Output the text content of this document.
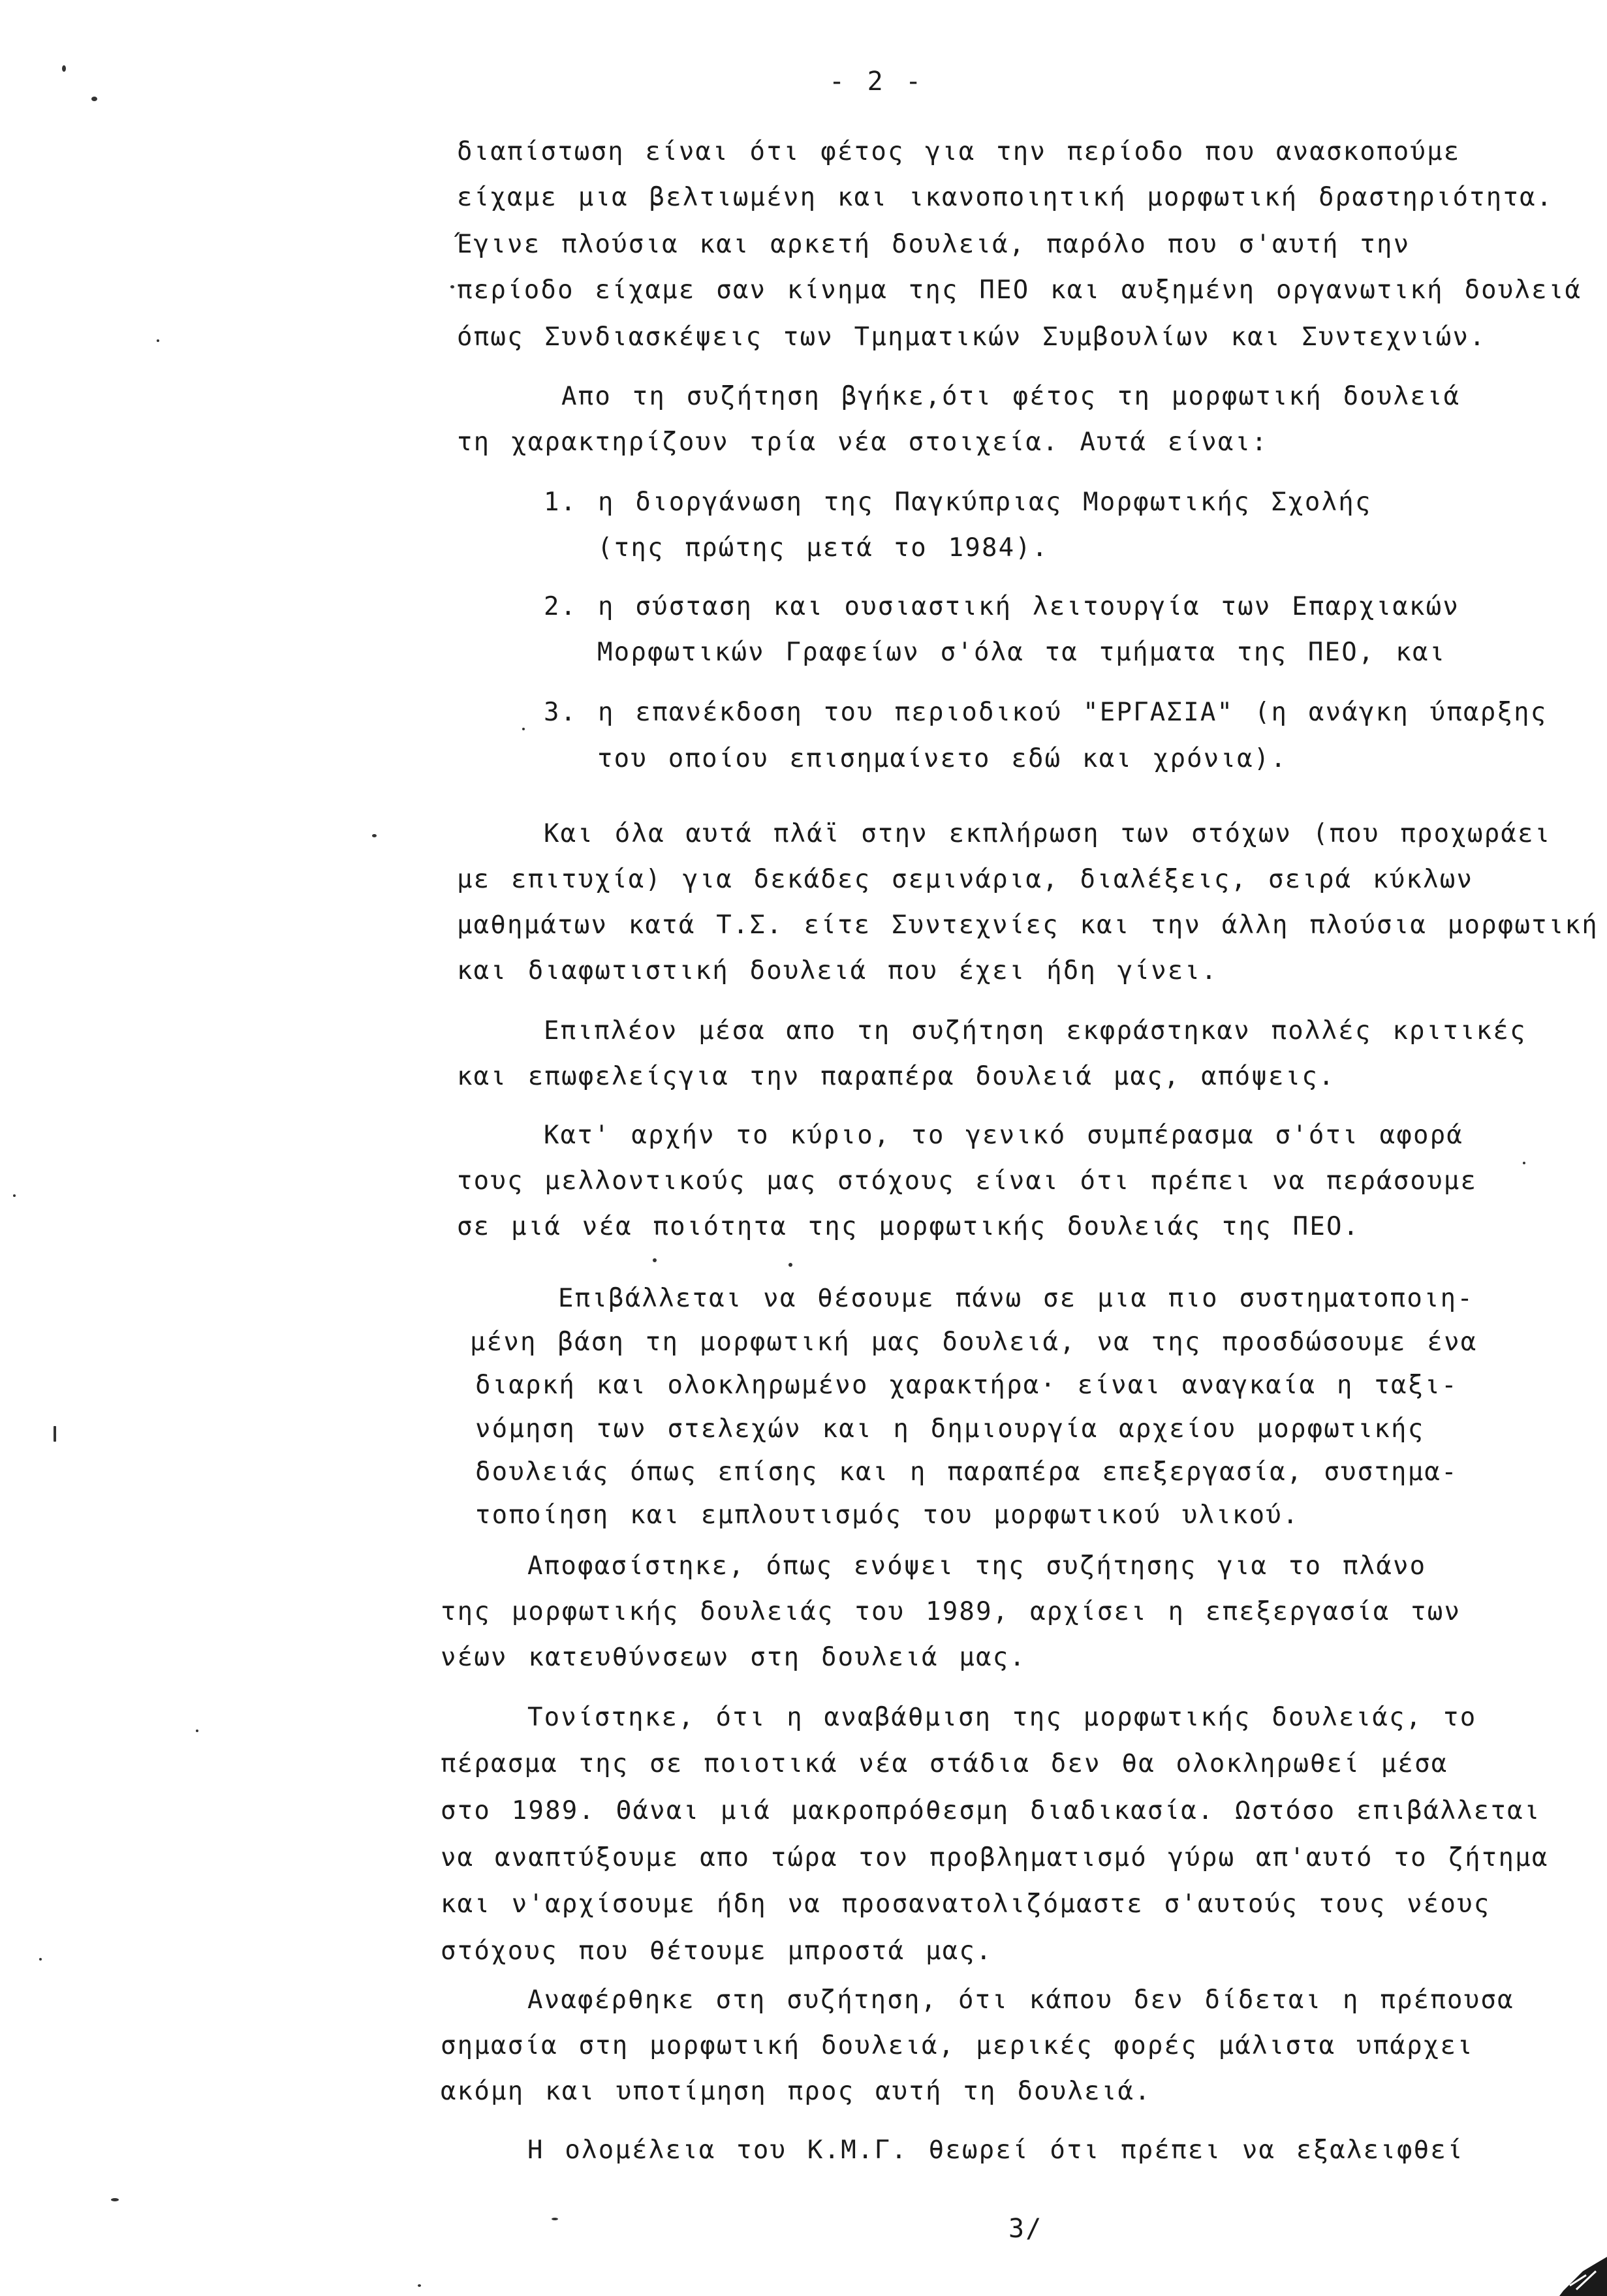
- 2 -
διαπίστωση είναι ότι φέτος για την περίοδο που ανασκοπούμε
είχαμε μια βελτιωμένη και ικανοποιητική μορφωτική δραστηριότητα.
Έγινε πλούσια και αρκετή δουλειά, παρόλο που σ'αυτή την
περίοδο είχαμε σαν κίνημα της ΠΕΟ και αυξημένη οργανωτική δουλειά
όπως Συνδιασκέψεις των Τμηματικών Συμβουλίων και Συντεχνιών.
Απο τη συζήτηση βγήκε,ότι φέτος τη μορφωτική δουλειά
τη χαρακτηρίζουν τρία νέα στοιχεία. Αυτά είναι:
1. η διοργάνωση της Παγκύπριας Μορφωτικής Σχολής
(της πρώτης μετά το 1984).
2. η σύσταση και ουσιαστική λειτουργία των Επαρχιακών
Μορφωτικών Γραφείων σ'όλα τα τμήματα της ΠΕΟ, και
3. η επανέκδοση του περιοδικού "ΕΡΓΑΣΙΑ" (η ανάγκη ύπαρξης
του οποίου επισημαίνετο εδώ και χρόνια).
Και όλα αυτά πλάϊ στην εκπλήρωση των στόχων (που προχωράει
με επιτυχία) για δεκάδες σεμινάρια, διαλέξεις, σειρά κύκλων
μαθημάτων κατά Τ.Σ. είτε Συντεχνίες και την άλλη πλούσια μορφωτική
και διαφωτιστική δουλειά που έχει ήδη γίνει.
Επιπλέον μέσα απο τη συζήτηση εκφράστηκαν πολλές κριτικές
και επωφελείςγια την παραπέρα δουλειά μας, απόψεις.
Κατ' αρχήν το κύριο, το γενικό συμπέρασμα σ'ότι αφορά
τους μελλοντικούς μας στόχους είναι ότι πρέπει να περάσουμε
σε μιά νέα ποιότητα της μορφωτικής δουλειάς της ΠΕΟ.
Επιβάλλεται να θέσουμε πάνω σε μια πιο συστηματοποιη-
μένη βάση τη μορφωτική μας δουλειά, να της προσδώσουμε ένα
διαρκή και ολοκληρωμένο χαρακτήρα· είναι αναγκαία η ταξι-
νόμηση των στελεχών και η δημιουργία αρχείου μορφωτικής
δουλειάς όπως επίσης και η παραπέρα επεξεργασία, συστημα-
τοποίηση και εμπλουτισμός του μορφωτικού υλικού.
Αποφασίστηκε, όπως ενόψει της συζήτησης για το πλάνο
της μορφωτικής δουλειάς του 1989, αρχίσει η επεξεργασία των
νέων κατευθύνσεων στη δουλειά μας.
Τονίστηκε, ότι η αναβάθμιση της μορφωτικής δουλειάς, το
πέρασμα της σε ποιοτικά νέα στάδια δεν θα ολοκληρωθεί μέσα
στο 1989. Θάναι μιά μακροπρόθεσμη διαδικασία. Ωστόσο επιβάλλεται
να αναπτύξουμε απο τώρα τον προβληματισμό γύρω απ'αυτό το ζήτημα
και ν'αρχίσουμε ήδη να προσανατολιζόμαστε σ'αυτούς τους νέους
στόχους που θέτουμε μπροστά μας.
Αναφέρθηκε στη συζήτηση, ότι κάπου δεν δίδεται η πρέπουσα
σημασία στη μορφωτική δουλειά, μερικές φορές μάλιστα υπάρχει
ακόμη και υποτίμηση προς αυτή τη δουλειά.
Η ολομέλεια του Κ.Μ.Γ. θεωρεί ότι πρέπει να εξαλειφθεί
3/
